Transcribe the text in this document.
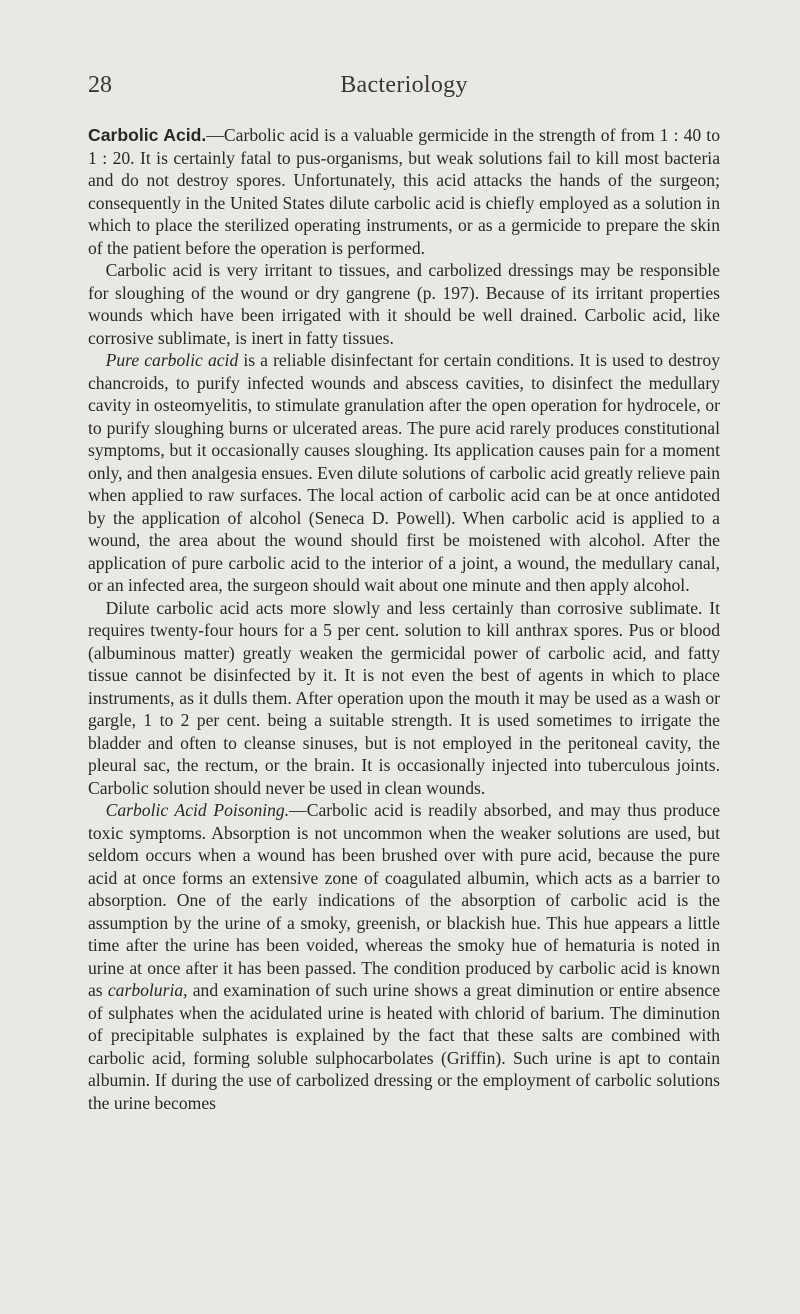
28	Bacteriology

Carbolic Acid.—Carbolic acid is a valuable germicide in the strength of from 1 : 40 to 1 : 20. It is certainly fatal to pus-organisms, but weak solutions fail to kill most bacteria and do not destroy spores. Unfortunately, this acid attacks the hands of the surgeon; consequently in the United States dilute carbolic acid is chiefly employed as a solution in which to place the sterilized operating instruments, or as a germicide to prepare the skin of the patient before the operation is performed.

Carbolic acid is very irritant to tissues, and carbolized dressings may be responsible for sloughing of the wound or dry gangrene (p. 197). Because of its irritant properties wounds which have been irrigated with it should be well drained. Carbolic acid, like corrosive sublimate, is inert in fatty tissues.

Pure carbolic acid is a reliable disinfectant for certain conditions. It is used to destroy chancroids, to purify infected wounds and abscess cavities, to disinfect the medullary cavity in osteomyelitis, to stimulate granulation after the open operation for hydrocele, or to purify sloughing burns or ulcerated areas. The pure acid rarely produces constitutional symptoms, but it occasionally causes sloughing. Its application causes pain for a moment only, and then analgesia ensues. Even dilute solutions of carbolic acid greatly relieve pain when applied to raw surfaces. The local action of carbolic acid can be at once antidoted by the application of alcohol (Seneca D. Powell). When carbolic acid is applied to a wound, the area about the wound should first be moistened with alcohol. After the application of pure carbolic acid to the interior of a joint, a wound, the medullary canal, or an infected area, the surgeon should wait about one minute and then apply alcohol.

Dilute carbolic acid acts more slowly and less certainly than corrosive sublimate. It requires twenty-four hours for a 5 per cent. solution to kill anthrax spores. Pus or blood (albuminous matter) greatly weaken the germicidal power of carbolic acid, and fatty tissue cannot be disinfected by it. It is not even the best of agents in which to place instruments, as it dulls them. After operation upon the mouth it may be used as a wash or gargle, 1 to 2 per cent. being a suitable strength. It is used sometimes to irrigate the bladder and often to cleanse sinuses, but is not employed in the peritoneal cavity, the pleural sac, the rectum, or the brain. It is occasionally injected into tuberculous joints. Carbolic solution should never be used in clean wounds.

Carbolic Acid Poisoning.—Carbolic acid is readily absorbed, and may thus produce toxic symptoms. Absorption is not uncommon when the weaker solutions are used, but seldom occurs when a wound has been brushed over with pure acid, because the pure acid at once forms an extensive zone of coagulated albumin, which acts as a barrier to absorption. One of the early indications of the absorption of carbolic acid is the assumption by the urine of a smoky, greenish, or blackish hue. This hue appears a little time after the urine has been voided, whereas the smoky hue of hematuria is noted in urine at once after it has been passed. The condition produced by carbolic acid is known as carboluria, and examination of such urine shows a great diminution or entire absence of sulphates when the acidulated urine is heated with chlorid of barium. The diminution of precipitable sulphates is explained by the fact that these salts are combined with carbolic acid, forming soluble sulphocarbolates (Griffin). Such urine is apt to contain albumin. If during the use of carbolized dressing or the employment of carbolic solutions the urine becomes
